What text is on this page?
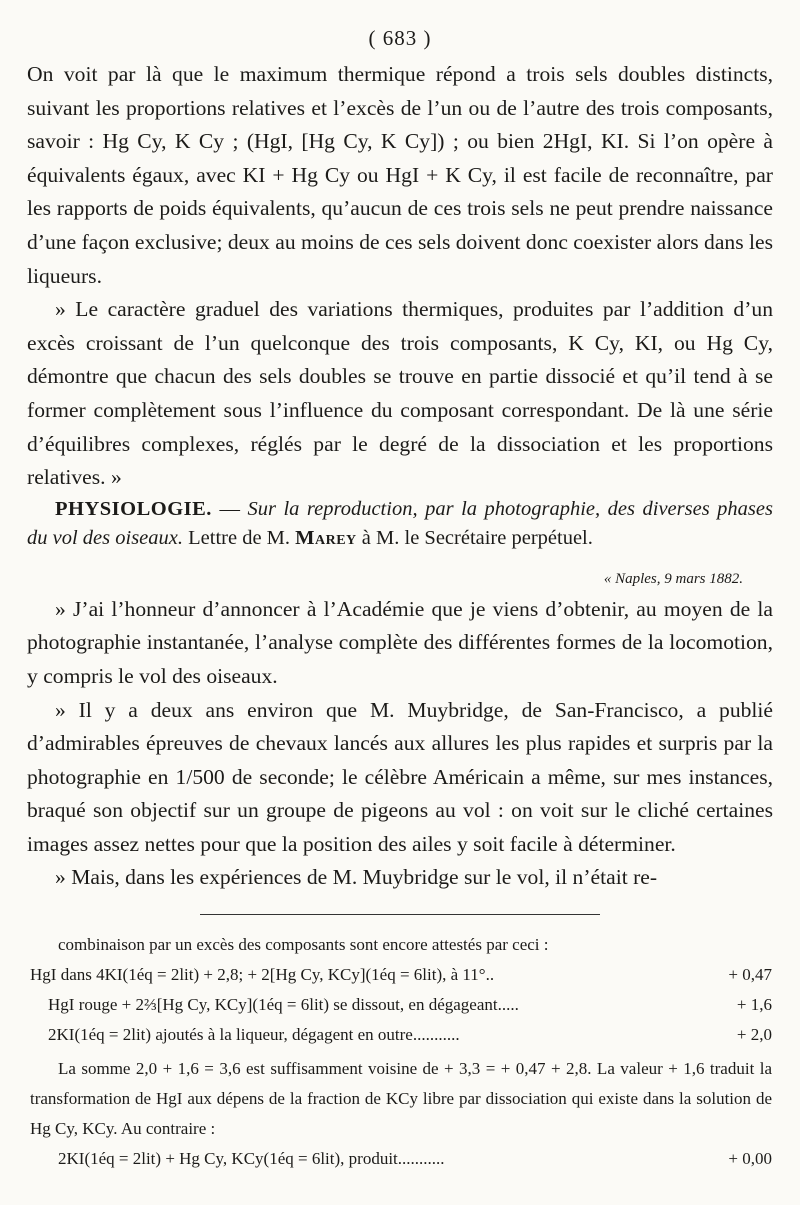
( 683 )

On voit par là que le maximum thermique répond a trois sels doubles distincts, suivant les proportions relatives et l’excès de l’un ou de l’autre des trois composants, savoir : Hg Cy, K Cy ; (HgI, [Hg Cy, K Cy]) ; ou bien 2HgI, KI. Si l’on opère à équivalents égaux, avec KI + Hg Cy ou HgI + K Cy, il est facile de reconnaître, par les rapports de poids équivalents, qu’aucun de ces trois sels ne peut prendre naissance d’une façon exclusive; deux au moins de ces sels doivent donc coexister alors dans les liqueurs.

» Le caractère graduel des variations thermiques, produites par l’addition d’un excès croissant de l’un quelconque des trois composants, K Cy, KI, ou Hg Cy, démontre que chacun des sels doubles se trouve en partie dissocié et qu’il tend à se former complètement sous l’influence du composant correspondant. De là une série d’équilibres complexes, réglés par le degré de la dissociation et les proportions relatives. »

PHYSIOLOGIE. — Sur la reproduction, par la photographie, des diverses phases du vol des oiseaux. Lettre de M. Marey à M. le Secrétaire perpétuel.

« Naples, 9 mars 1882.

» J’ai l’honneur d’annoncer à l’Académie que je viens d’obtenir, au moyen de la photographie instantanée, l’analyse complète des différentes formes de la locomotion, y compris le vol des oiseaux.

» Il y a deux ans environ que M. Muybridge, de San-Francisco, a publié d’admirables épreuves de chevaux lancés aux allures les plus rapides et surpris par la photographie en 1/500 de seconde; le célèbre Américain a même, sur mes instances, braqué son objectif sur un groupe de pigeons au vol : on voit sur le cliché certaines images assez nettes pour que la position des ailes y soit facile à déterminer.

» Mais, dans les expériences de M. Muybridge sur le vol, il n’était re-

combinaison par un excès des composants sont encore attestés par ceci :

HgI dans 4KI(1éq = 2lit) + 2,8; + 2[Hg Cy, KCy](1éq = 6lit), à 11°..	+ 0,47
HgI rouge + 2⅔[Hg Cy, KCy](1éq = 6lit) se dissout, en dégageant.....	+ 1,6
2KI(1éq = 2lit) ajoutés à la liqueur, dégagent en outre...........	+ 2,0

La somme 2,0 + 1,6 = 3,6 est suffisamment voisine de + 3,3 = + 0,47 + 2,8. La valeur + 1,6 traduit la transformation de HgI aux dépens de la fraction de KCy libre par dissociation qui existe dans la solution de Hg Cy, KCy. Au contraire :

2KI(1éq = 2lit) + Hg Cy, KCy(1éq = 6lit), produit...........	+ 0,00
